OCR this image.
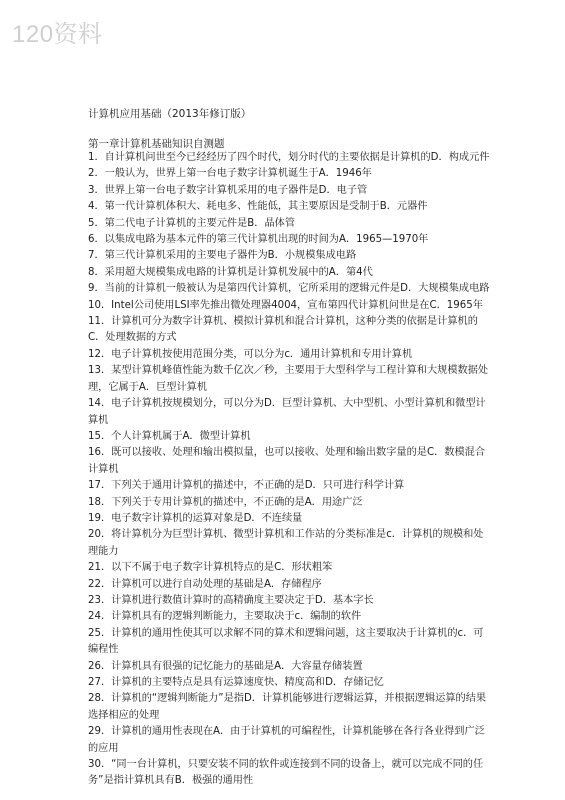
120资料
计算机应用基础（2013年修订版）
第一章计算机基础知识自测题
1．自计算机问世至今已经经历了四个时代，划分时代的主要依据是计算机的D．构成元件
2．一般认为，世界上第一台电子数字计算机诞生于A．1946年
3．世界上第一台电子数字计算机采用的电子器件是D．电子管
4．第一代计算机体积大、耗电多、性能低，其主要原因是受制于B．元器件
5．第二代电子计算机的主要元件是B．晶体管
6．以集成电路为基本元件的第三代计算机出现的时间为A．1965—1970年
7．第三代计算机采用的主要电子器件为B．小规模集成电路
8．采用超大规模集成电路的计算机是计算机发展中的A．第4代
9．当前的计算机一般被认为是第四代计算机，它所采用的逻辑元件是D．大规模集成电路
10．Intel公司使用LSI率先推出微处理器4004，宣布第四代计算机问世是在C．1965年
11．计算机可分为数字计算机、模拟计算机和混合计算机，这种分类的依据是计算机的C．处理数据的方式
12．电子计算机按使用范围分类，可以分为c．通用计算机和专用计算机
13．某型计算机峰值性能为数千亿次／秒，主要用于大型科学与工程计算和大规模数据处理，它属于A．巨型计算机
14．电子计算机按规模划分，可以分为D．巨型计算机、大中型机、小型计算机和微型计算机
15．个人计算机属于A．微型计算机
16．既可以接收、处理和输出模拟量，也可以接收、处理和输出数字量的是C．数模混合计算机
17．下列关于通用计算机的描述中，不正确的是D．只可进行科学计算
18．下列关于专用计算机的描述中，不正确的是A．用途广泛
19．电子数字计算机的运算对象是D．不连续量
20．将计算机分为巨型计算机、微型计算机和工作站的分类标准是c．计算机的规模和处理能力
21．以下不属于电子数字计算机特点的是C．形状粗笨
22．计算机可以进行自动处理的基础是A．存储程序
23．计算机进行数值计算时的高精确度主要决定于D．基本字长
24．计算机具有的逻辑判断能力，主要取决于c．编制的软件
25．计算机的通用性使其可以求解不同的算术和逻辑问题，这主要取决于计算机的c．可编程性
26．计算机具有很强的记忆能力的基础是A．大容量存储装置
27．计算机的主要特点是具有运算速度快、精度高和D．存储记忆
28．计算机的“逻辑判断能力”是指D．计算机能够进行逻辑运算，并根据逻辑运算的结果选择相应的处理
29．计算机的通用性表现在A．由于计算机的可编程性，计算机能够在各行各业得到广泛的应用
30．“同一台计算机，只要安装不同的软件或连接到不同的设备上，就可以完成不同的任务”是指计算机具有B．极强的通用性
